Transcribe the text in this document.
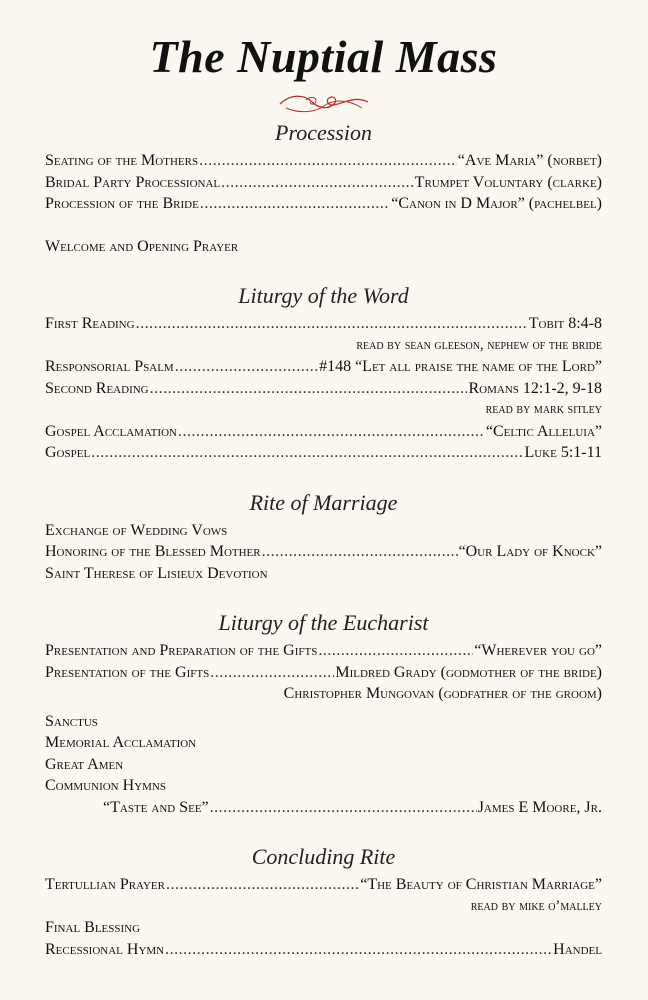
The Nuptial Mass
Procession
Seating of the Mothers .....	“Ave Maria” (norbet)
Bridal Party Processional .....	Trumpet Voluntary (clarke)
Procession of the Bride .....	“Canon in D Major” (pachelbel)
Welcome and Opening Prayer
Liturgy of the Word
First Reading .....	Tobit 8:4-8
read by sean gleeson, nephew of the bride
Responsorial Psalm .....	#148 “Let all praise the name of the Lord”
Second Reading .....	Romans 12:1-2, 9-18
read by mark sitley
Gospel Acclamation .....	“Celtic Alleluia”
Gospel .....	Luke 5:1-11
Rite of Marriage
Exchange of Wedding Vows
Honoring of the Blessed Mother .....	“Our Lady of Knock”
Saint Therese of Lisieux Devotion
Liturgy of the Eucharist
Presentation and Preparation of the Gifts .....	“Wherever you go”
Presentation of the Gifts .....	Mildred Grady (godmother of the bride)
Christopher Mungovan (godfather of the groom)
Sanctus
Memorial Acclamation
Great Amen
Communion Hymns
“Taste and See” .....	James E Moore, Jr.
Concluding Rite
Tertullian Prayer .....	“The Beauty of Christian Marriage”
read by mike o’malley
Final Blessing
Recessional Hymn .....	Handel
